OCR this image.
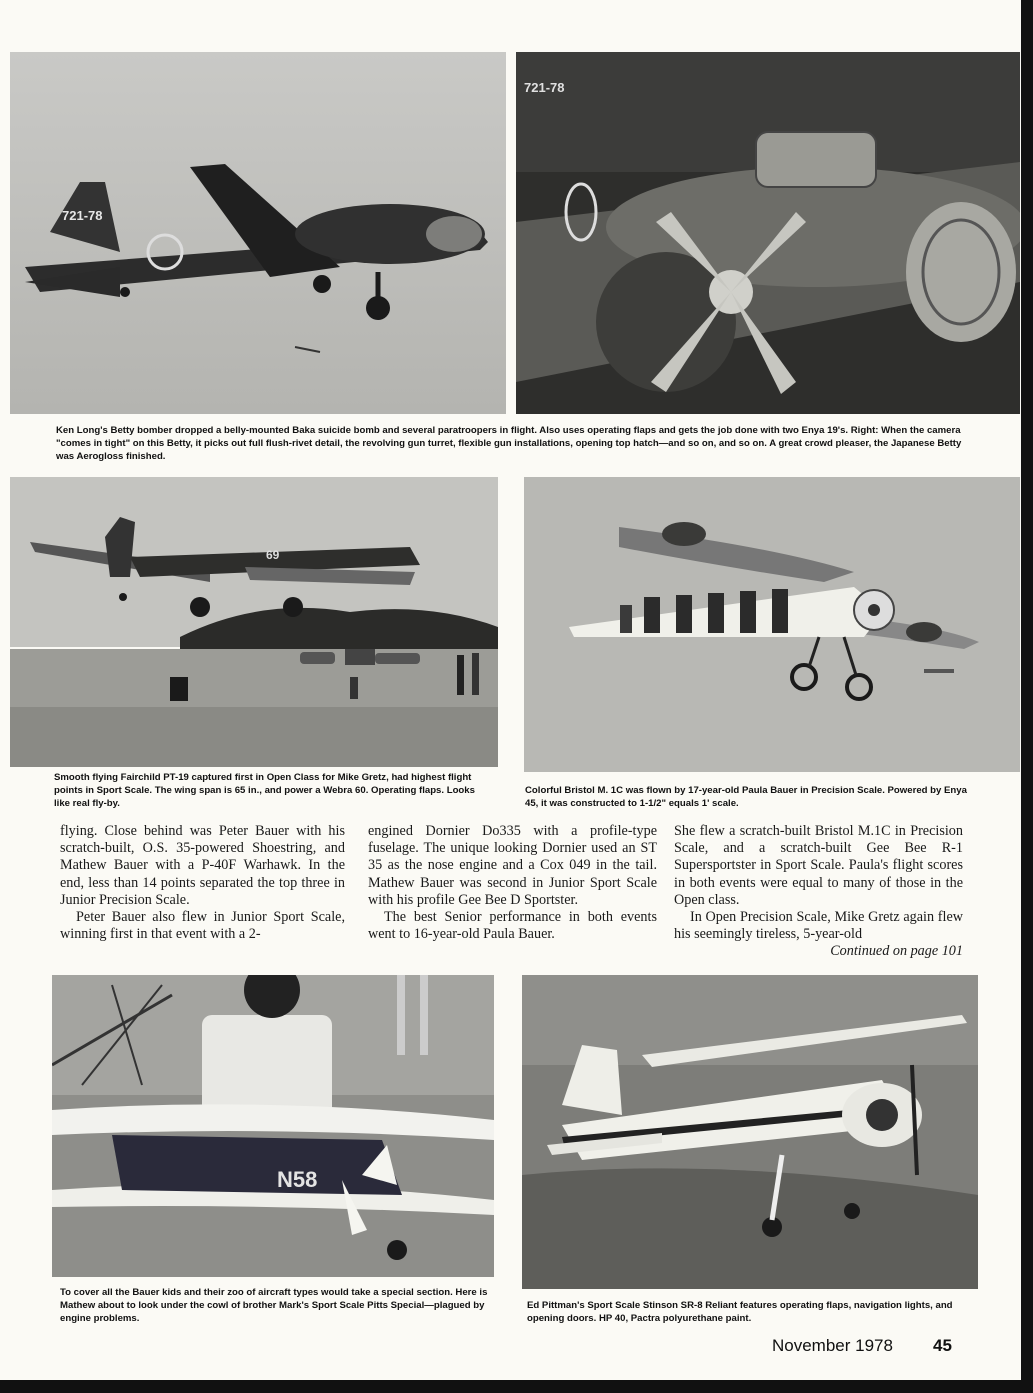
721-78
721-78

Ken Long's Betty bomber dropped a belly-mounted Baka suicide bomb and several paratroopers in flight. Also uses operating flaps and gets the job done with two Enya 19's. Right: When the camera "comes in tight" on this Betty, it picks out full flush-rivet detail, the revolving gun turret, flexible gun installations, opening top hatch—and so on, and so on. A great crowd pleaser, the Japanese Betty was Aerogloss finished.

69

Smooth flying Fairchild PT-19 captured first in Open Class for Mike Gretz, had highest flight points in Sport Scale. The wing span is 65 in., and power a Webra 60. Operating flaps. Looks like real fly-by.

Colorful Bristol M. 1C was flown by 17-year-old Paula Bauer in Precision Scale. Powered by Enya 45, it was constructed to 1-1/2" equals 1' scale.

flying. Close behind was Peter Bauer with his scratch-built, O.S. 35-powered Shoestring, and Mathew Bauer with a P-40F Warhawk. In the end, less than 14 points separated the top three in Junior Precision Scale.

Peter Bauer also flew in Junior Sport Scale, winning first in that event with a 2-

engined Dornier Do335 with a profile-type fuselage. The unique looking Dornier used an ST 35 as the nose engine and a Cox 049 in the tail. Mathew Bauer was second in Junior Sport Scale with his profile Gee Bee D Sportster.

The best Senior performance in both events went to 16-year-old Paula Bauer.

She flew a scratch-built Bristol M.1C in Precision Scale, and a scratch-built Gee Bee R-1 Supersportster in Sport Scale. Paula's flight scores in both events were equal to many of those in the Open class.

In Open Precision Scale, Mike Gretz again flew his seemingly tireless, 5-year-old

Continued on page 101
N58

To cover all the Bauer kids and their zoo of aircraft types would take a special section. Here is Mathew about to look under the cowl of brother Mark's Sport Scale Pitts Special—plagued by engine problems.

Ed Pittman's Sport Scale Stinson SR-8 Reliant features operating flaps, navigation lights, and opening doors. HP 40, Pactra polyurethane paint.

November 1978 45
